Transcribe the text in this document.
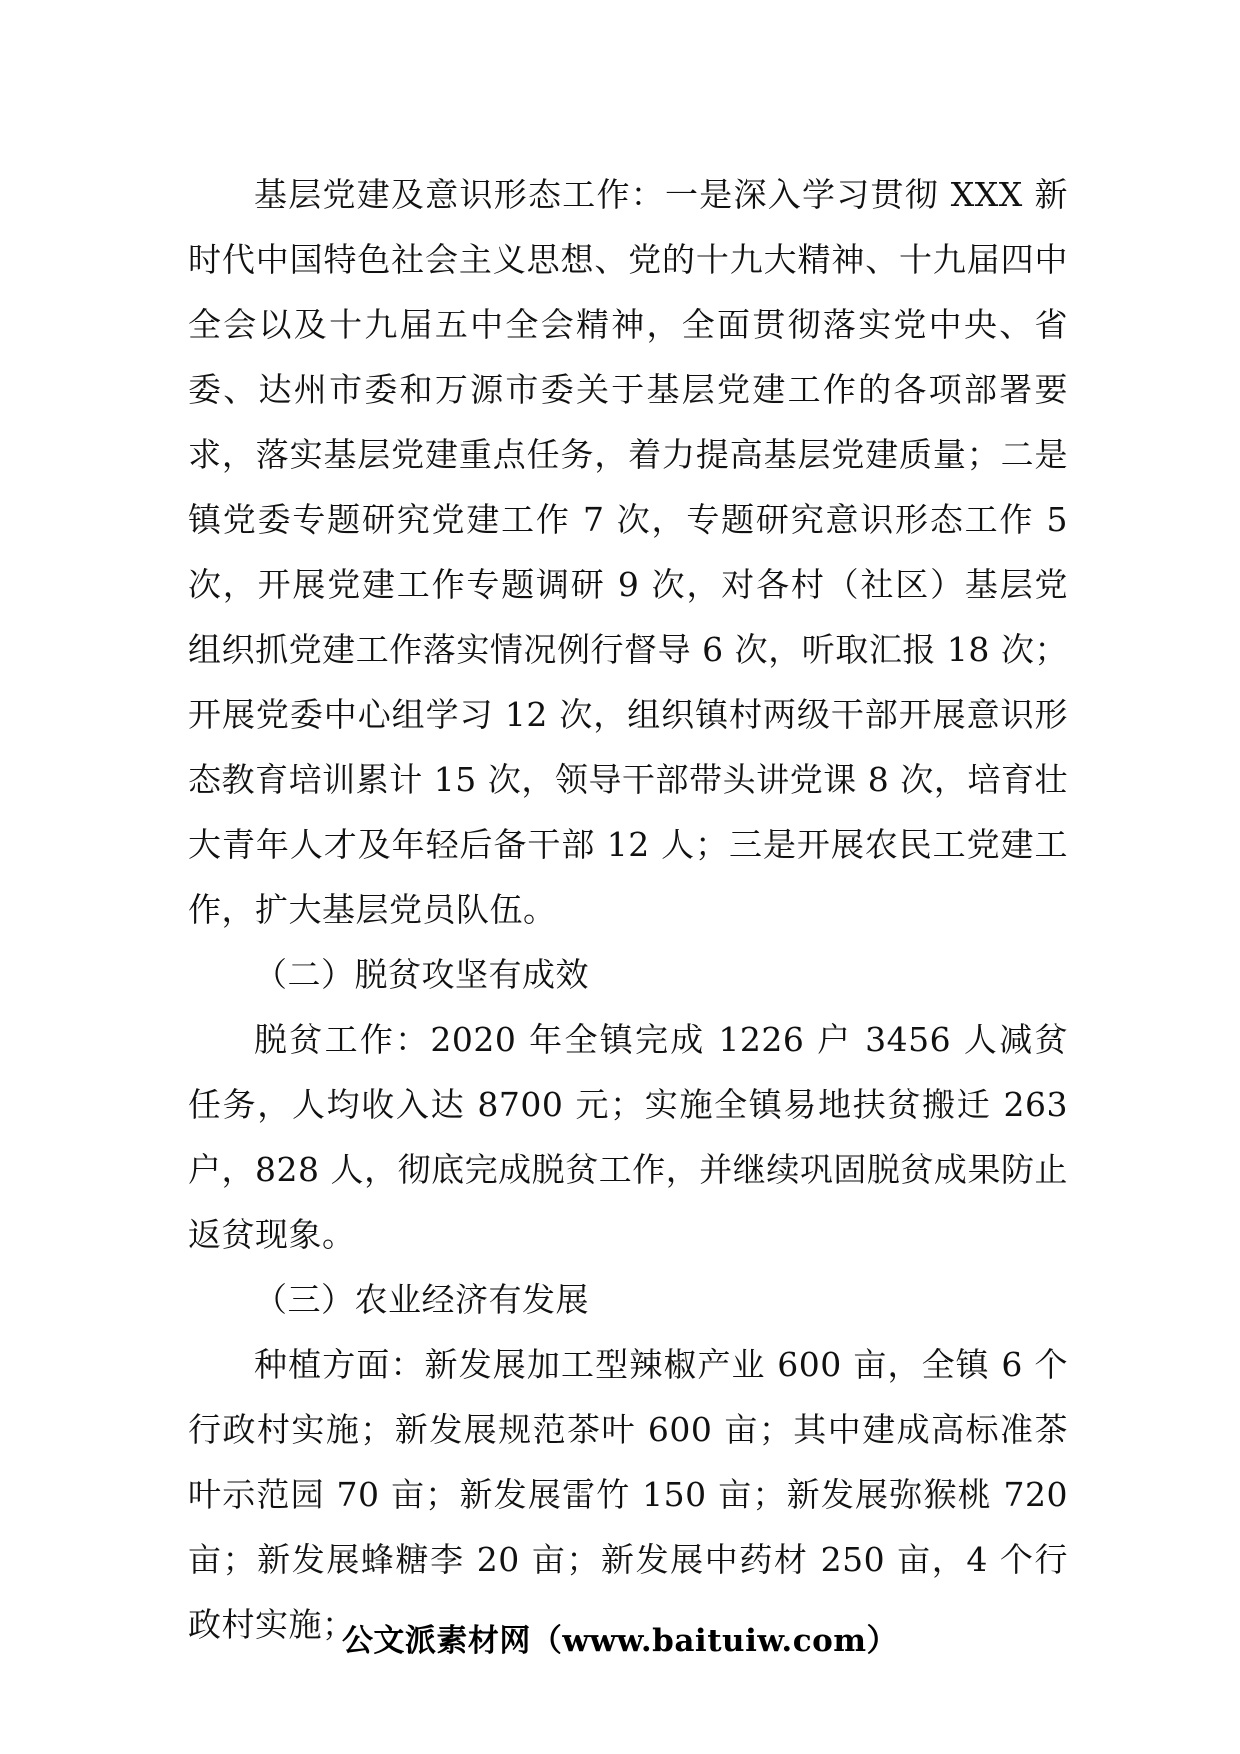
基层党建及意识形态工作：一是深入学习贯彻 XXX 新时代中国特色社会主义思想、党的十九大精神、十九届四中全会以及十九届五中全会精神，全面贯彻落实党中央、省委、达州市委和万源市委关于基层党建工作的各项部署要求，落实基层党建重点任务，着力提高基层党建质量；二是镇党委专题研究党建工作 7 次，专题研究意识形态工作 5 次，开展党建工作专题调研 9 次，对各村（社区）基层党组织抓党建工作落实情况例行督导 6 次，听取汇报 18 次；开展党委中心组学习 12 次，组织镇村两级干部开展意识形态教育培训累计 15 次，领导干部带头讲党课 8 次，培育壮大青年人才及年轻后备干部 12 人；三是开展农民工党建工作，扩大基层党员队伍。

（二）脱贫攻坚有成效

脱贫工作：2020 年全镇完成 1226 户 3456 人减贫任务，人均收入达 8700 元；实施全镇易地扶贫搬迁 263 户，828 人，彻底完成脱贫工作，并继续巩固脱贫成果防止返贫现象。

（三）农业经济有发展

种植方面：新发展加工型辣椒产业 600 亩，全镇 6 个行政村实施；新发展规范茶叶 600 亩；其中建成高标准茶叶示范园 70 亩；新发展雷竹 150 亩；新发展弥猴桃 720 亩；新发展蜂糖李 20 亩；新发展中药材 250 亩，4 个行政村实施；

公文派素材网（www.baituiw.com）
